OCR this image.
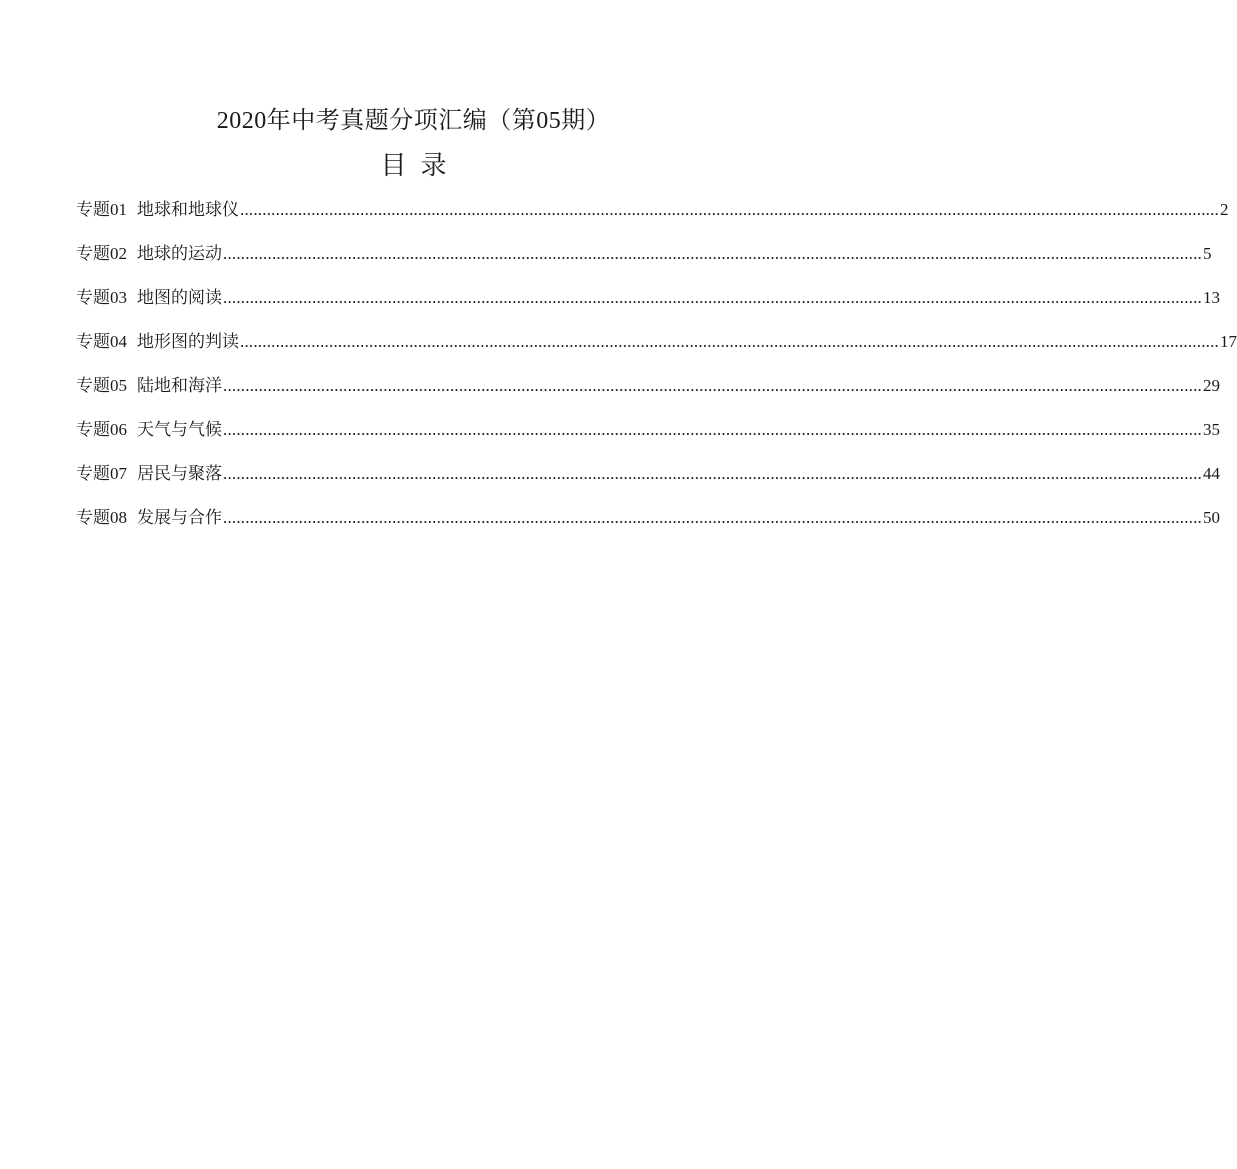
2020年中考真题分项汇编（第05期）
目 录
专题01 地球和地球仪 ............................................................................................................................................................................................................................ 2
专题02 地球的运动 ............................................................................................................................................................................................................................ 5
专题03 地图的阅读 ............................................................................................................................................................................................................................ 13
专题04 地形图的判读 ............................................................................................................................................................................................................................ 17
专题05 陆地和海洋 ............................................................................................................................................................................................................................ 29
专题06 天气与气候 ............................................................................................................................................................................................................................ 35
专题07 居民与聚落 ............................................................................................................................................................................................................................ 44
专题08 发展与合作 ............................................................................................................................................................................................................................ 50
